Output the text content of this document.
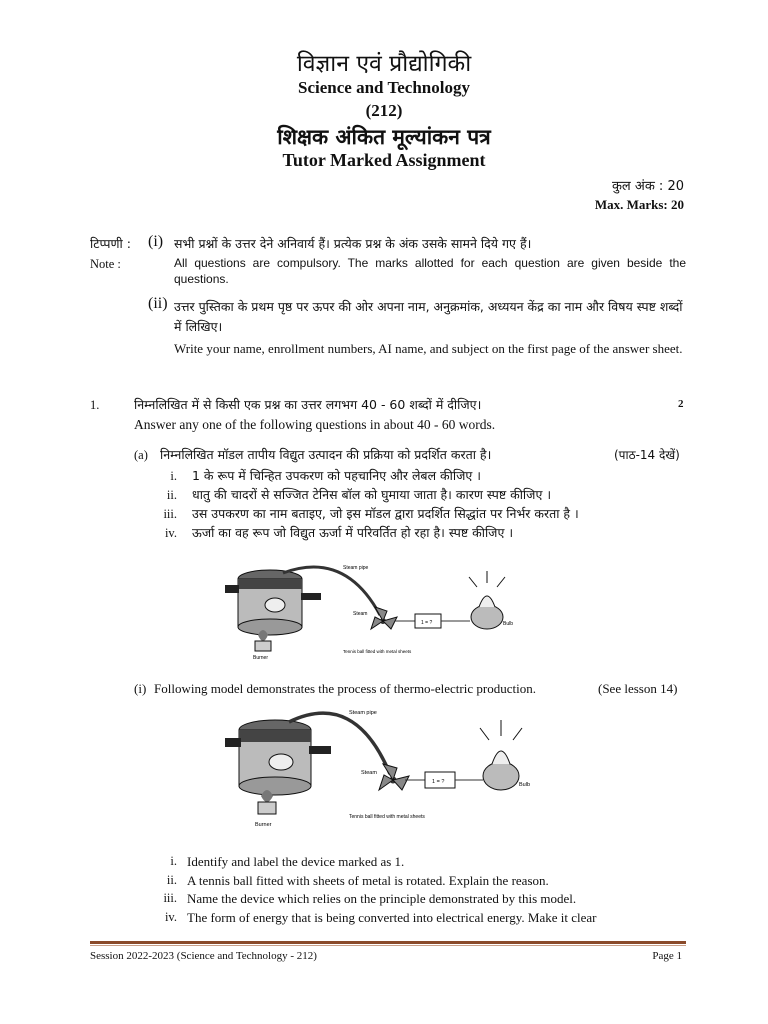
विज्ञान एवं प्रौद्योगिकी
Science and Technology
(212)
शिक्षक अंकित मूल्यांकन पत्र
Tutor Marked Assignment
कुल अंक : 20
Max. Marks: 20
टिप्पणी : (i) सभी प्रश्नों के उत्तर देने अनिवार्य हैं। प्रत्येक प्रश्न के अंक उसके सामने दिये गए हैं।
Note :	All questions are compulsory. The marks allotted for each question are given beside the questions.
(ii) उत्तर पुस्तिका के प्रथम पृष्ठ पर ऊपर की ओर अपना नाम, अनुक्रमांक, अध्ययन केंद्र का नाम और विषय स्पष्ट शब्दों में लिखिए।
Write your name, enrollment numbers, AI name, and subject on the first page of the answer sheet.
1.	निम्नलिखित में से किसी एक प्रश्न का उत्तर लगभग 40 - 60 शब्दों में दीजिए।	2
Answer any one of the following questions in about 40 - 60 words.
(a) निम्नलिखित मॉडल तापीय विद्युत उत्पादन की प्रक्रिया को प्रदर्शित करता है।	(पाठ-14 देखें)
i. 1 के रूप में चिन्हित उपकरण को पहचानिए और लेबल कीजिए ।
ii. धातु की चादरों से सज्जित टेनिस बॉल को घुमाया जाता है। कारण स्पष्ट कीजिए ।
iii. उस उपकरण का नाम बताइए, जो इस मॉडल द्वारा प्रदर्शित सिद्धांत पर निर्भर करता है ।
iv. ऊर्जा का वह रूप जो विद्युत ऊर्जा में परिवर्तित हो रहा है। स्पष्ट कीजिए ।
Steam pipe
Steam
1 = ?	Bulb
Burner
Tennis ball fitted with metal sheets
(i) Following model demonstrates the process of thermo-electric production.	(See lesson 14)
Steam pipe
Steam
1 = ?	Bulb
Burner
Tennis ball fitted with metal sheets
i. Identify and label the device marked as 1.
ii. A tennis ball fitted with sheets of metal is rotated. Explain the reason.
iii. Name the device which relies on the principle demonstrated by this model.
iv. The form of energy that is being converted into electrical energy. Make it clear
Session 2022-2023 (Science and Technology - 212)	Page 1
